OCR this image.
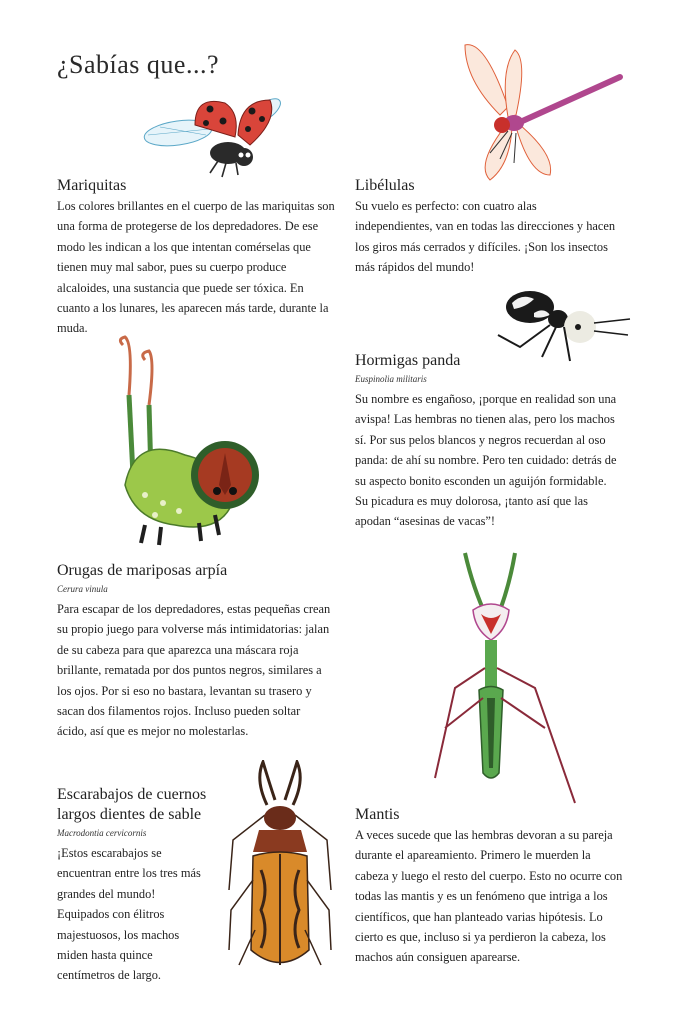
¿Sabías que...?
Mariquitas

Los colores brillantes en el cuerpo de las mariquitas son una forma de protegerse de los depredadores. De ese modo les indican a los que intentan comérselas que tienen muy mal sabor, pues su cuerpo produce alcaloides, una sustancia que puede ser tóxica. En cuanto a los lunares, les aparecen más tarde, durante la muda.

Libélulas

Su vuelo es perfecto: con cuatro alas independientes, van en todas las direcciones y hacen los giros más cerrados y difíciles. ¡Son los insectos más rápidos del mundo!

Hormigas panda
Euspinolia militaris

Su nombre es engañoso, ¡porque en realidad son una avispa! Las hembras no tienen alas, pero los machos sí. Por sus pelos blancos y negros recuerdan al oso panda: de ahí su nombre. Pero ten cuidado: detrás de su aspecto bonito esconden un aguijón formidable. Su picadura es muy dolorosa, ¡tanto así que las apodan “asesinas de vacas”!

Orugas de mariposas arpía
Cerura vinula

Para escapar de los depredadores, estas pequeñas crean su propio juego para volverse más intimidatorias: jalan de su cabeza para que aparezca una máscara roja brillante, rematada por dos puntos negros, similares a los ojos. Por si eso no bastara, levantan su trasero y sacan dos filamentos rojos. Incluso pueden soltar ácido, así que es mejor no molestarlas.

Escarabajos de cuernos largos dientes de sable
Macrodontia cervicornis

¡Estos escarabajos se encuentran entre los tres más grandes del mundo! Equipados con élitros majestuosos, los machos miden hasta quince centímetros de largo.

Mantis

A veces sucede que las hembras devoran a su pareja durante el apareamiento. Primero le muerden la cabeza y luego el resto del cuerpo. Esto no ocurre con todas las mantis y es un fenómeno que intriga a los científicos, que han planteado varias hipótesis. Lo cierto es que, incluso si ya perdieron la cabeza, los machos aún consiguen aparearse.
